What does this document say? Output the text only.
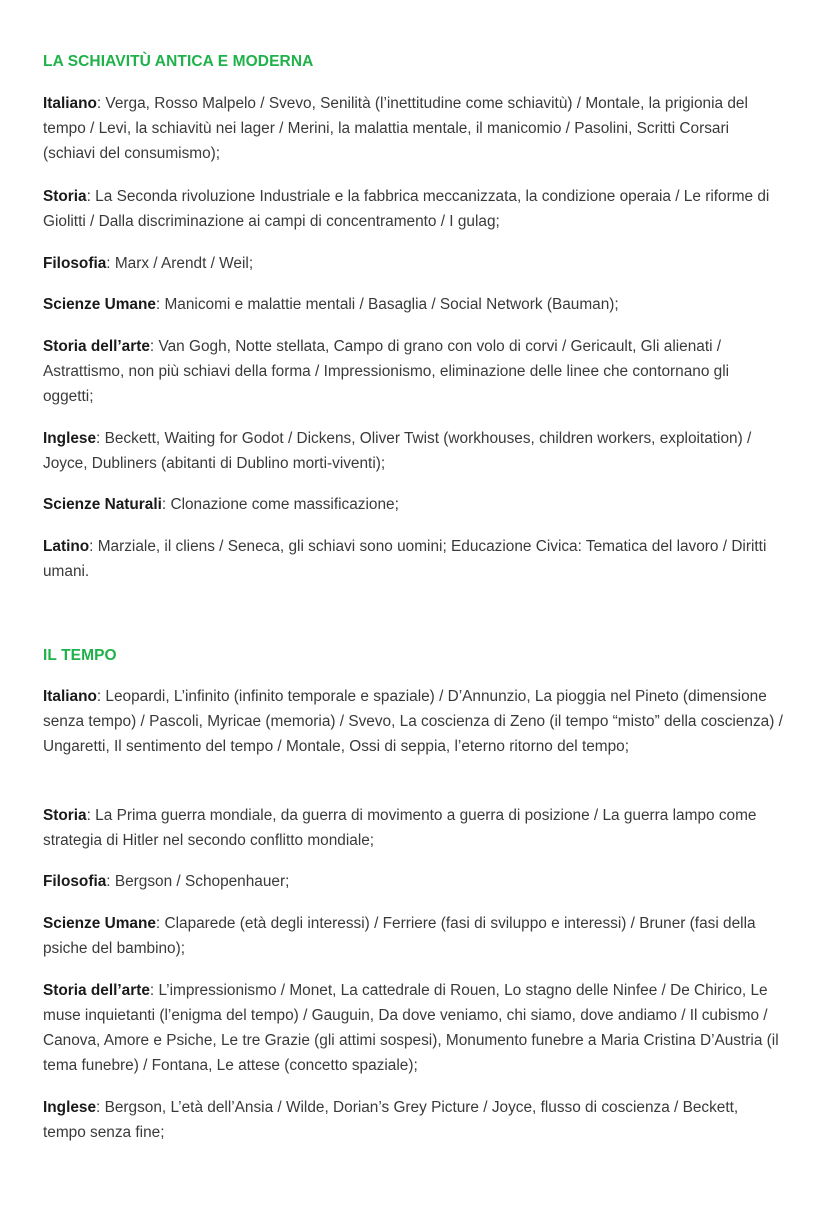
LA SCHIAVITÙ ANTICA E MODERNA
Italiano: Verga, Rosso Malpelo / Svevo, Senilità (l’inettitudine come schiavitù) / Montale, la prigionia del tempo / Levi, la schiavitù nei lager / Merini, la malattia mentale, il manicomio / Pasolini, Scritti Corsari (schiavi del consumismo);
Storia: La Seconda rivoluzione Industriale e la fabbrica meccanizzata, la condizione operaia / Le riforme di Giolitti / Dalla discriminazione ai campi di concentramento / I gulag;
Filosofia: Marx / Arendt / Weil;
Scienze Umane: Manicomi e malattie mentali / Basaglia / Social Network (Bauman);
Storia dell’arte: Van Gogh, Notte stellata, Campo di grano con volo di corvi / Gericault, Gli alienati / Astrattismo, non più schiavi della forma / Impressionismo, eliminazione delle linee che contornano gli oggetti;
Inglese: Beckett, Waiting for Godot / Dickens, Oliver Twist (workhouses, children workers, exploitation) / Joyce, Dubliners (abitanti di Dublino morti-viventi);
Scienze Naturali: Clonazione come massificazione;
Latino: Marziale, il cliens / Seneca, gli schiavi sono uomini; Educazione Civica: Tematica del lavoro / Diritti umani.
IL TEMPO
Italiano: Leopardi, L’infinito (infinito temporale e spaziale) / D’Annunzio, La pioggia nel Pineto (dimensione senza tempo) / Pascoli, Myricae (memoria) / Svevo, La coscienza di Zeno (il tempo “misto” della coscienza) / Ungaretti, Il sentimento del tempo / Montale, Ossi di seppia, l’eterno ritorno del tempo;
Storia: La Prima guerra mondiale, da guerra di movimento a guerra di posizione / La guerra lampo come strategia di Hitler nel secondo conflitto mondiale;
Filosofia: Bergson / Schopenhauer;
Scienze Umane: Claparede (età degli interessi) / Ferriere (fasi di sviluppo e interessi) / Bruner (fasi della psiche del bambino);
Storia dell’arte: L’impressionismo / Monet, La cattedrale di Rouen, Lo stagno delle Ninfee / De Chirico, Le muse inquietanti (l’enigma del tempo) / Gauguin, Da dove veniamo, chi siamo, dove andiamo / Il cubismo / Canova, Amore e Psiche, Le tre Grazie (gli attimi sospesi), Monumento funebre a Maria Cristina D’Austria (il tema funebre) / Fontana, Le attese (concetto spaziale);
Inglese: Bergson, L’età dell’Ansia / Wilde, Dorian’s Grey Picture / Joyce, flusso di coscienza / Beckett, tempo senza fine;
